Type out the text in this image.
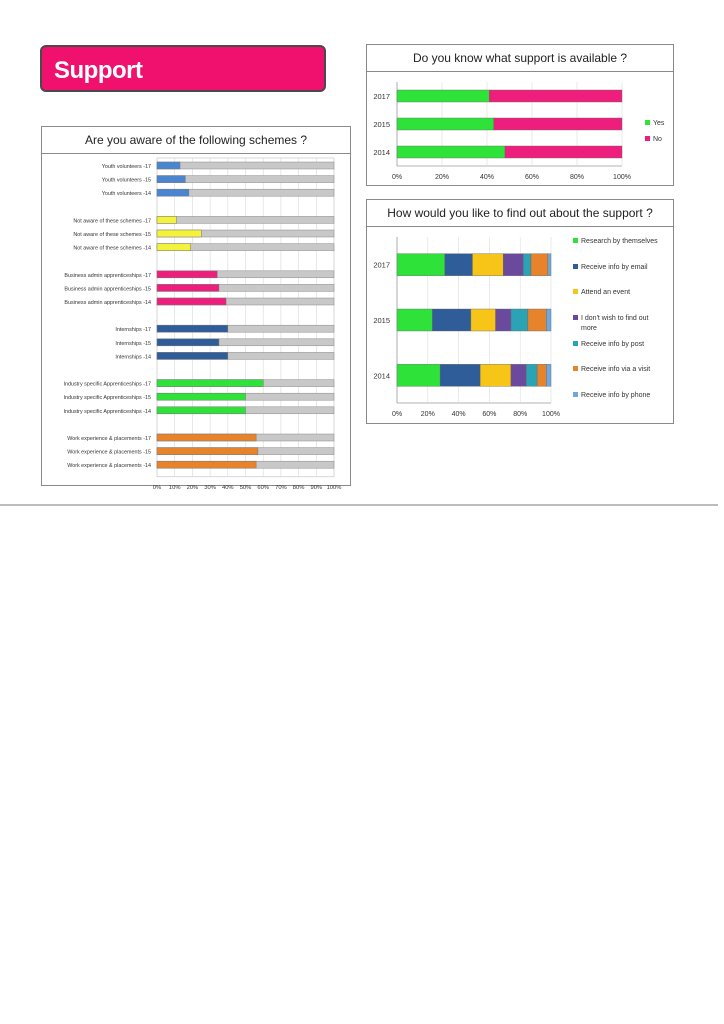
Support
Are you aware of the following schemes ?
Youth volunteers -17
Youth volunteers -15
Youth volunteers -14
Not aware of these schemes -17
Not aware of these schemes -15
Not aware of these schemes -14
Business admin apprenticeships -17
Business admin apprenticeships -15
Business admin apprenticeships -14
Internships -17
Internships -15
Internships -14
Industry specific Apprenticeships -17
Industry specific Apprenticeships -15
Industry specific Apprenticeships -14
Work experience & placements -17
Work experience & placements -15
Work experience & placements -14
0% 10% 20% 30% 40% 50% 60% 70% 80% 90% 100%
Do you know what support is available ?
2017
2015
2014
0%	20%	40%	60%	80%	100%
Yes
No
How would you like to find out about the support ?
2017
2015
2014
0%	20% 40% 60% 80% 100%
Research by themselves
Receive info by email
Attend an event
I don't wish to find out
more
Receive info by post
Receive info via a visit
Receive info by phone
